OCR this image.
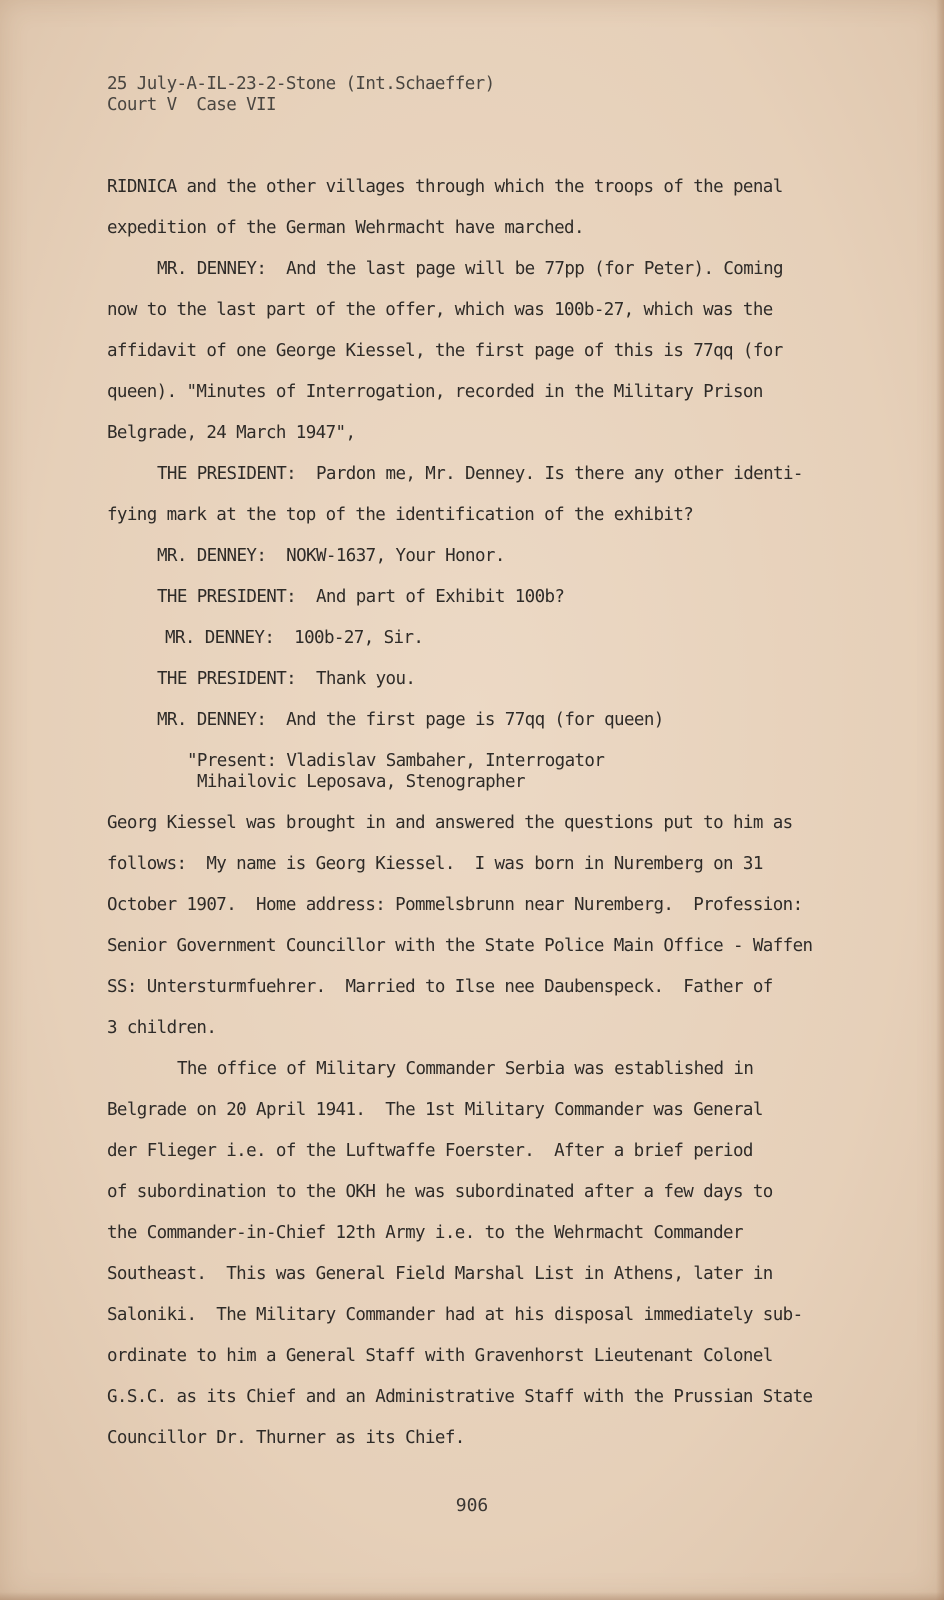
25 July-A-IL-23-2-Stone (Int.Schaeffer)
Court V  Case VII
RIDNICA and the other villages through which the troops of the penal
expedition of the German Wehrmacht have marched.
MR. DENNEY:  And the last page will be 77pp (for Peter). Coming
now to the last part of the offer, which was 100b-27, which was the
affidavit of one George Kiessel, the first page of this is 77qq (for
queen). "Minutes of Interrogation, recorded in the Military Prison
Belgrade, 24 March 1947",
THE PRESIDENT:  Pardon me, Mr. Denney. Is there any other identi-
fying mark at the top of the identification of the exhibit?
MR. DENNEY:  NOKW-1637, Your Honor.
THE PRESIDENT:  And part of Exhibit 100b?
MR. DENNEY:  100b-27, Sir.
THE PRESIDENT:  Thank you.
MR. DENNEY:  And the first page is 77qq (for queen)
"Present: Vladislav Sambaher, Interrogator
Mihailovic Leposava, Stenographer
Georg Kiessel was brought in and answered the questions put to him as
follows:  My name is Georg Kiessel.  I was born in Nuremberg on 31
October 1907.  Home address: Pommelsbrunn near Nuremberg.  Profession:
Senior Government Councillor with the State Police Main Office - Waffen
SS: Untersturmfuehrer.  Married to Ilse nee Daubenspeck.  Father of
3 children.
The office of Military Commander Serbia was established in
Belgrade on 20 April 1941.  The 1st Military Commander was General
der Flieger i.e. of the Luftwaffe Foerster.  After a brief period
of subordination to the OKH he was subordinated after a few days to
the Commander-in-Chief 12th Army i.e. to the Wehrmacht Commander
Southeast.  This was General Field Marshal List in Athens, later in
Saloniki.  The Military Commander had at his disposal immediately sub-
ordinate to him a General Staff with Gravenhorst Lieutenant Colonel
G.S.C. as its Chief and an Administrative Staff with the Prussian State
Councillor Dr. Thurner as its Chief.
906
